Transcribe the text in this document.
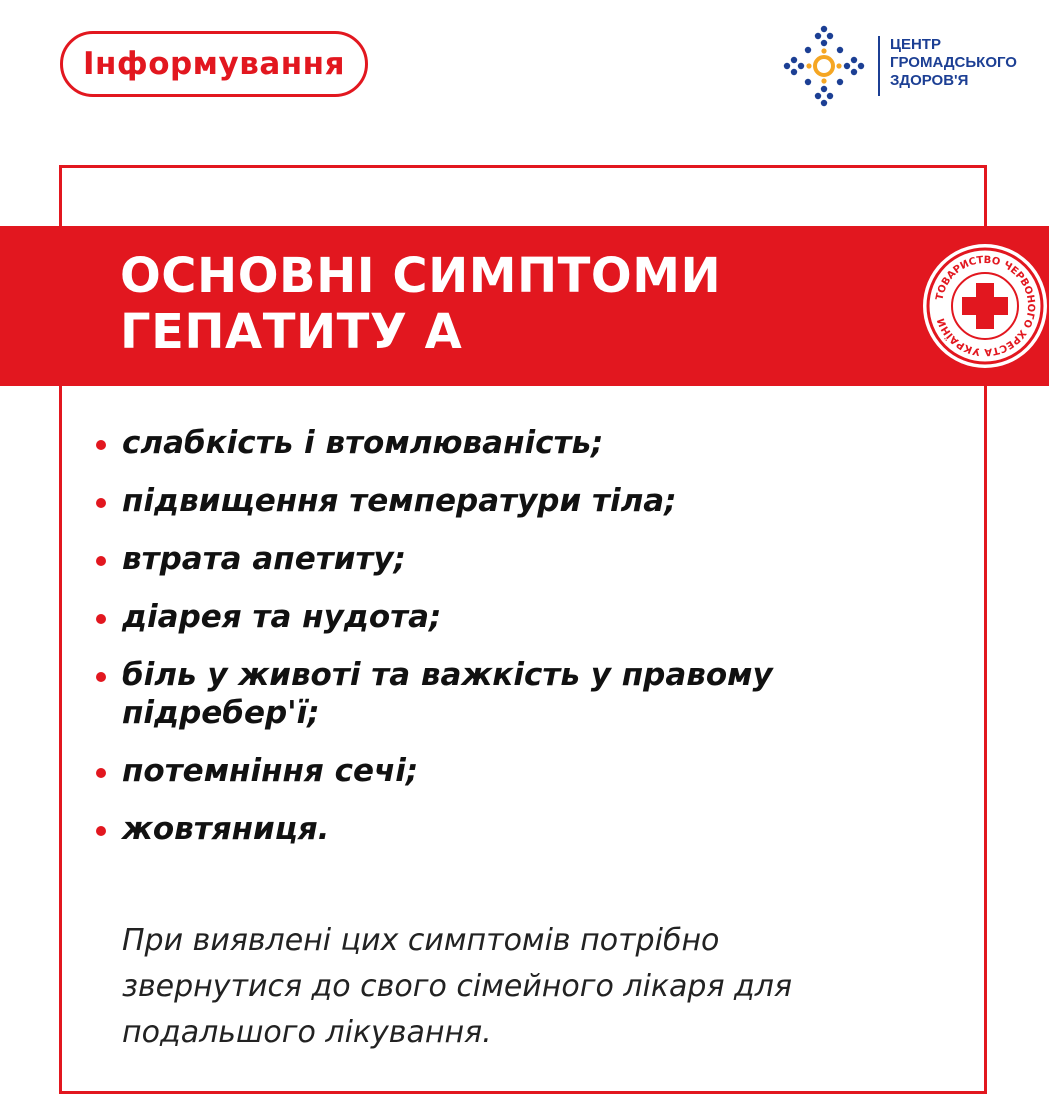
Інформування
ЦЕНТР
ГРОМАДСЬКОГО
ЗДОРОВ'Я
ОСНОВНІ СИМПТОМИ
ГЕПАТИТУ А
ТОВАРИСТВО ЧЕРВОНОГО ХРЕСТА УКРАЇНИ
слабкість і втомлюваність;
підвищення температури тіла;
втрата апетиту;
діарея та нудота;
біль у животі та важкість у правому підребер'ї;
потемніння сечі;
жовтяниця.
При виявлені цих симптомів потрібно
звернутися до свого сімейного лікаря для
подальшого лікування.
